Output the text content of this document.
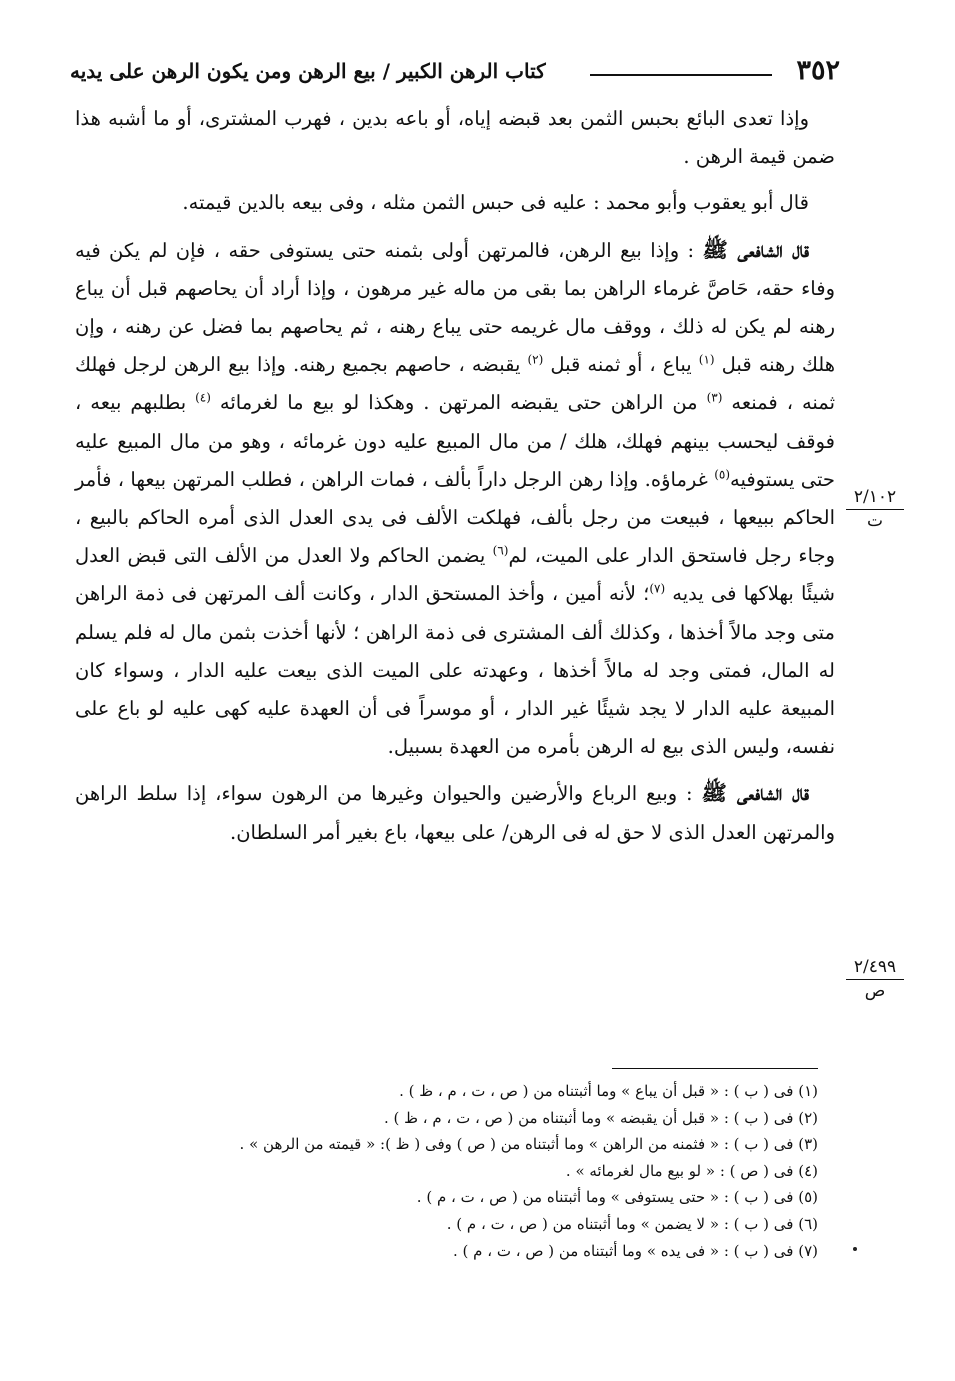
٣٥٢
كتاب الرهن الكبير / بيع الرهن ومن يكون الرهن على يديه

وإذا تعدى البائع بحبس الثمن بعد قبضه إياه، أو باعه بدين ، فهرب المشترى، أو ما أشبه هذا ضمن قيمة الرهن .

قال أبو يعقوب وأبو محمد : عليه فى حبس الثمن مثله ، وفى بيعه بالدين قيمته.

قال الشافعى ﷺ : وإذا بيع الرهن، فالمرتهن أولى بثمنه حتى يستوفى حقه ، فإن لم يكن فيه وفاء حقه، حَاصَّ غرماء الراهن بما بقى من ماله غير مرهون ، وإذا أراد أن يحاصهم قبل أن يباع رهنه لم يكن له ذلك ، ووقف مال غريمه حتى يباع رهنه ، ثم يحاصهم بما فضل عن رهنه ، وإن هلك رهنه قبل $^{(١)}$ يباع ، أو ثمنه قبل $^{(٢)}$ يقبضه ، حاصهم بجميع رهنه. وإذا بيع الرهن لرجل فهلك ثمنه ، فمنعه $^{(٣)}$ من الراهن حتى يقبضه المرتهن . وهكذا لو بيع ما لغرمائه $^{(٤)}$ بطلبهم بيعه ، فوقف ليحسب بينهم فهلك، هلك / من مال المبيع عليه دون غرمائه ، وهو من مال المبيع عليه حتى يستوفيه$^{(٥)}$ غرماؤه. وإذا رهن الرجل داراً بألف ، فمات الراهن ، فطلب المرتهن بيعها ، فأمر الحاكم ببيعها ، فبيعت من رجل بألف، فهلكت الألف فى يدى العدل الذى أمره الحاكم بالبيع ، وجاء رجل فاستحق الدار على الميت، لم$^{(٦)}$ يضمن الحاكم ولا العدل من الألف التى قبض العدل شيئًا بهلاكها فى يديه $^{(٧)}$؛ لأنه أمين ، وأخذ المستحق الدار ، وكانت ألف المرتهن فى ذمة الراهن متى وجد مالاً أخذها ، وكذلك ألف المشترى فى ذمة الراهن ؛ لأنها أخذت بثمن مال له فلم يسلم له المال، فمتى وجد له مالاً أخذها ، وعهدته على الميت الذى بيعت عليه الدار ، وسواء كان المبيعة عليه الدار لا يجد شيئًا غير الدار ، أو موسراً فى أن العهدة عليه كهى عليه لو باع على نفسه، وليس الذى بيع له الرهن بأمره من العهدة بسبيل.

قال الشافعى ﷺ : وبيع الرباع والأرضين والحيوان وغيرها من الرهون سواء، إذا سلط الراهن والمرتهن العدل الذى لا حق له فى الرهن/ على بيعها، باع بغير أمر السلطان.

٢/١٠٢
ت
٢/٤٩٩
ص
(١) فى ( ب ) : « قبل أن يباع » وما أثبتناه من ( ص ، ت ، م ، ظ ) .
(٢) فى ( ب ) : « قبل أن يقبضه » وما أثبتناه من ( ص ، ت ، م ، ظ ) .
(٣) فى ( ب ) : « فثمنه من الراهن » وما أثبتناه من ( ص ) وفى ( ظ ): « قيمته من الرهن » .
(٤) فى ( ص ) : « لو بيع مال لغرمائه » .
(٥) فى ( ب ) : « حتى يستوفى » وما أثبتناه من ( ص ، ت ، م ) .
(٦) فى ( ب ) : « لا يضمن » وما أثبتناه من ( ص ، ت ، م ) .
(٧) فى ( ب ) : « فى يده » وما أثبتناه من ( ص ، ت ، م ) .
